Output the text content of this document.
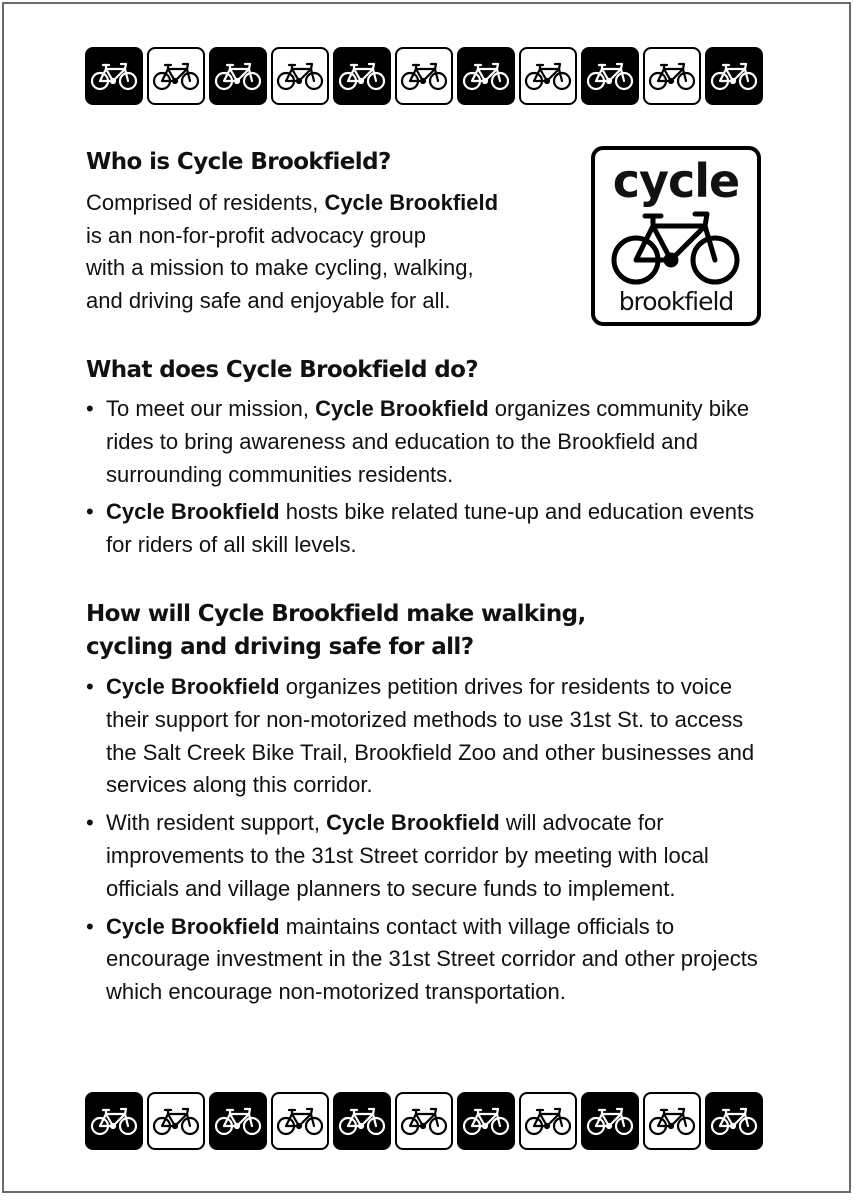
cycle
brookfield
Who is Cycle Brookfield?
Comprised of residents, Cycle Brookfield
is an non-for-profit advocacy group
with a mission to make cycling, walking,
and driving safe and enjoyable for all.
What does Cycle Brookfield do?
• To meet our mission, Cycle Brookfield organizes community bike rides to bring awareness and education to the Brookfield and surrounding communities residents.
• Cycle Brookfield hosts bike related tune-up and education events for riders of all skill levels.
How will Cycle Brookfield make walking,
cycling and driving safe for all?
• Cycle Brookfield organizes petition drives for residents to voice their support for non-motorized methods to use 31st St. to access the Salt Creek Bike Trail, Brookfield Zoo and other businesses and services along this corridor.
• With resident support, Cycle Brookfield will advocate for improvements to the 31st Street corridor by meeting with local officials and village planners to secure funds to implement.
• Cycle Brookfield maintains contact with village officials to encourage investment in the 31st Street corridor and other projects which encourage non-motorized transportation.
